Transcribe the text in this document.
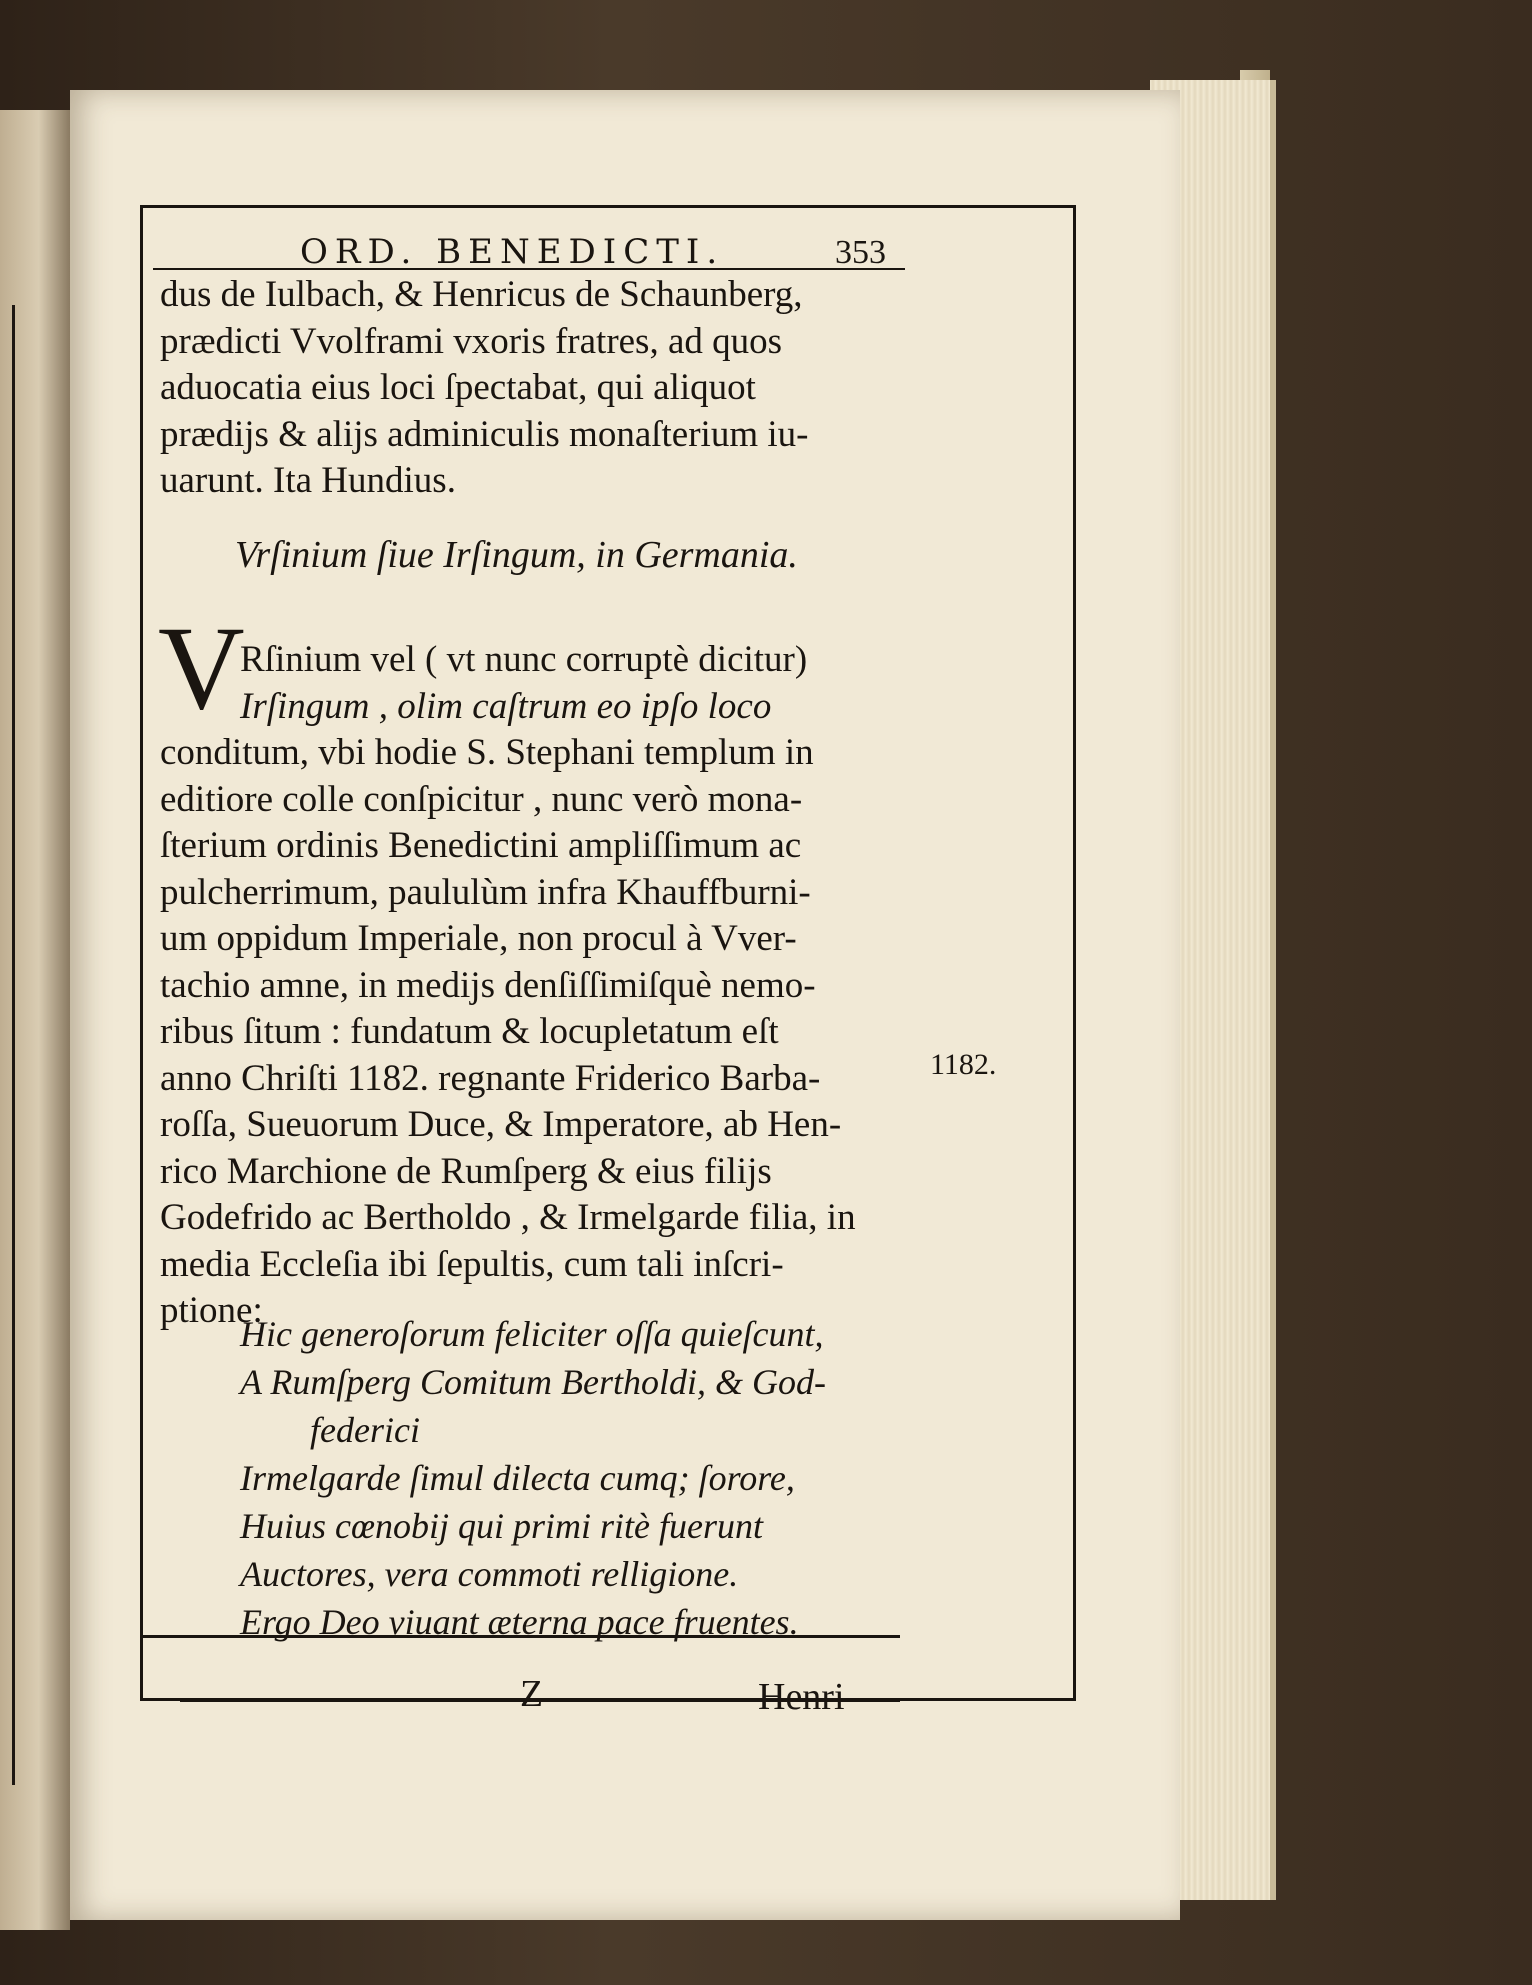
ORD. BENEDICTI.	353
dus de Iulbach, & Henricus de Schaunberg,
prædicti Vvolframi vxoris fratres, ad quos
aduocatia eius loci ſpectabat, qui aliquot
prædijs & alijs adminiculis monaſterium iu-
uarunt. Ita Hundius.
Vrſinium ſiue Irſingum, in Germania.
V
Rſinium vel ( vt nunc corruptè dicitur)
Irſingum , olim caſtrum eo ipſo loco
conditum, vbi hodie S. Stephani templum in
editiore colle conſpicitur , nunc verò mona-
ſterium ordinis Benedictini ampliſſimum ac
pulcherrimum, paululùm infra Khauffburni-
um oppidum Imperiale, non procul à Vver-
tachio amne, in medijs denſiſſimiſquè nemo-
ribus ſitum : fundatum & locupletatum eſt
anno Chriſti 1182. regnante Friderico Barba-
roſſa, Sueuorum Duce, & Imperatore, ab Hen-
rico Marchione de Rumſperg & eius filijs
Godefrido ac Bertholdo , & Irmelgarde filia, in
media Eccleſia ibi ſepultis, cum tali inſcri-
ptione:
1182.
Hic generoſorum feliciter oſſa quieſcunt,
A Rumſperg Comitum Bertholdi, & God-
federici
Irmelgarde ſimul dilecta cumq; ſorore,
Huius cœnobij qui primi ritè fuerunt
Auctores, vera commoti relligione.
Ergo Deo viuant æterna pace fruentes.
Z	Henri-
